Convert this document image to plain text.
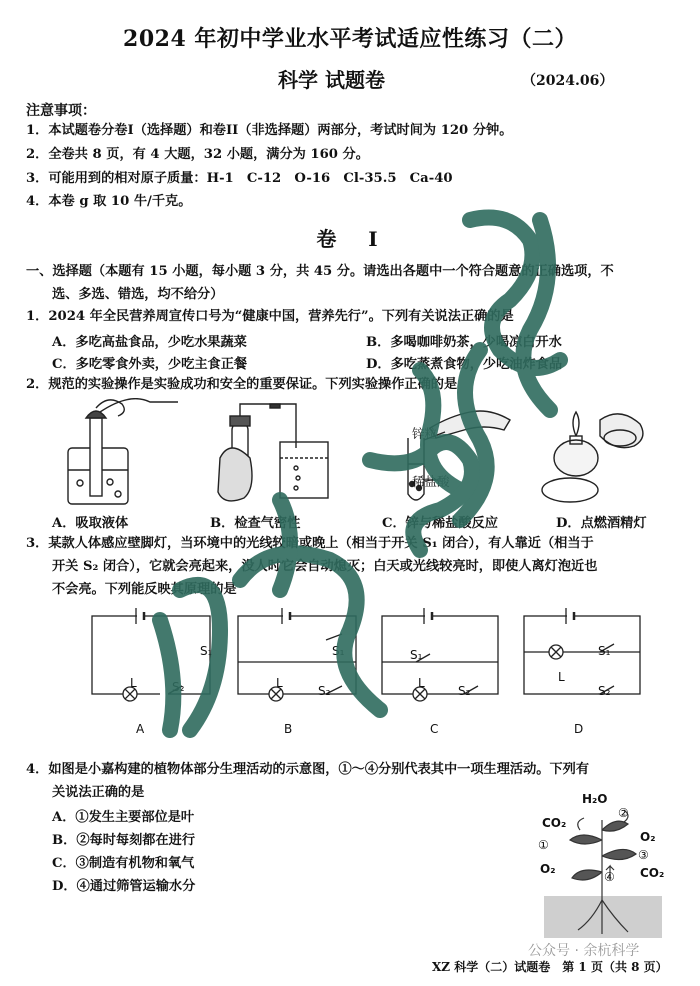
2024 年初中学业水平考试适应性练习（二）
科学 试题卷	（2024.06）
注意事项：
1．本试题卷分卷I（选择题）和卷II（非选择题）两部分，考试时间为 120 分钟。
2．全卷共 8 页，有 4 大题，32 小题，满分为 160 分。
3．可能用到的相对原子质量：H-1　C-12　O-16　Cl-35.5　Ca-40
4．本卷 g 取 10 牛/千克。
卷　I
一、选择题（本题有 15 小题，每小题 3 分，共 45 分。请选出各题中一个符合题意的正确选项，不
选、多选、错选，均不给分）
1．2024 年全民营养周宣传口号为“健康中国，营养先行”。下列有关说法正确的是
A．多吃高盐食品，少吃水果蔬菜	B．多喝咖啡奶茶，少喝凉白开水
C．多吃零食外卖，少吃主食正餐	D．多吃蒸煮食物，少吃油炸食品
2．规范的实验操作是实验成功和安全的重要保证。下列实验操作正确的是
锌粒
稀盐酸
A．吸取液体	B．检查气密性	C．锌与稀盐酸反应	D．点燃酒精灯
3．某款人体感应壁脚灯，当环境中的光线较暗或晚上（相当于开关 S₁ 闭合），有人靠近（相当于
开关 S₂ 闭合），它就会亮起来，没人时它会自动熄灭；白天或光线较亮时，即使人离灯泡近也
不会亮。下列能反映其原理的是
L	S₂
S₁
A
L
S₁
S₂
B
S₁
L
S₂
C
S₁
L
S₂
D
4．如图是小嘉构建的植物体部分生理活动的示意图，①～④分别代表其中一项生理活动。下列有
关说法正确的是
A．①发生主要部位是叶
B．②每时每刻都在进行
C．③制造有机物和氧气
D．④通过筛管运输水分
H₂O
CO₂
①
O₂
②
O₂
③
CO₂
④
公众号 · 余杭科学
XZ 科学（二）试题卷　第 1 页（共 8 页）
